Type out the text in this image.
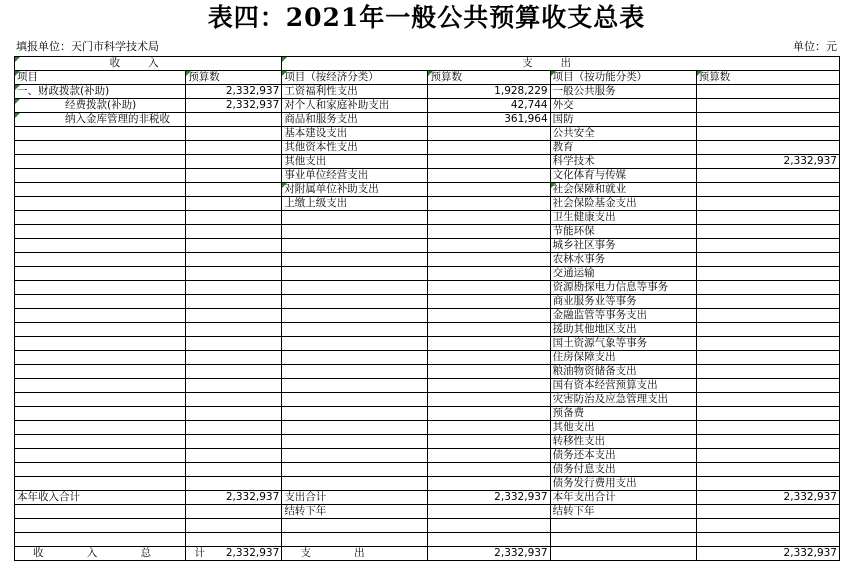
表四：2021年一般公共预算收支总表
填报单位：天门市科学技术局	单位：元
收入		支出			
项目	预算数	项目（按经济分类）	预算数	项目（按功能分类）	预算数
一、财政拨款(补助)	2,332,937	工资福利性支出	1,928,229	一般公共服务	
经费拨款(补助)	2,332,937	对个人和家庭补助支出	42,744	外交	
纳入金库管理的非税收		商品和服务支出	361,964	国防	
		基本建设支出		公共安全	
		其他资本性支出		教育	
		其他支出		科学技术	2,332,937
		事业单位经营支出		文化体育与传媒	
		对附属单位补助支出		社会保障和就业	
		上缴上级支出		社会保险基金支出	
				卫生健康支出	
				节能环保	
				城乡社区事务	
				农林水事务	
				交通运输	
				资源勘探电力信息等事务	
				商业服务业等事务	
				金融监管等事务支出	
				援助其他地区支出	
				国土资源气象等事务	
				住房保障支出	
				粮油物资储备支出	
				国有资本经营预算支出	
				灾害防治及应急管理支出	
				预备费	
				其他支出	
				转移性支出	
				债务还本支出	
				债务付息支出	
				债务发行费用支出	
本年收入合计	2,332,937	支出合计	2,332,937	本年支出合计	2,332,937
		结转下年		结转下年	

收 入 总 计	2,332,937	支 出	2,332,937		2,332,937
